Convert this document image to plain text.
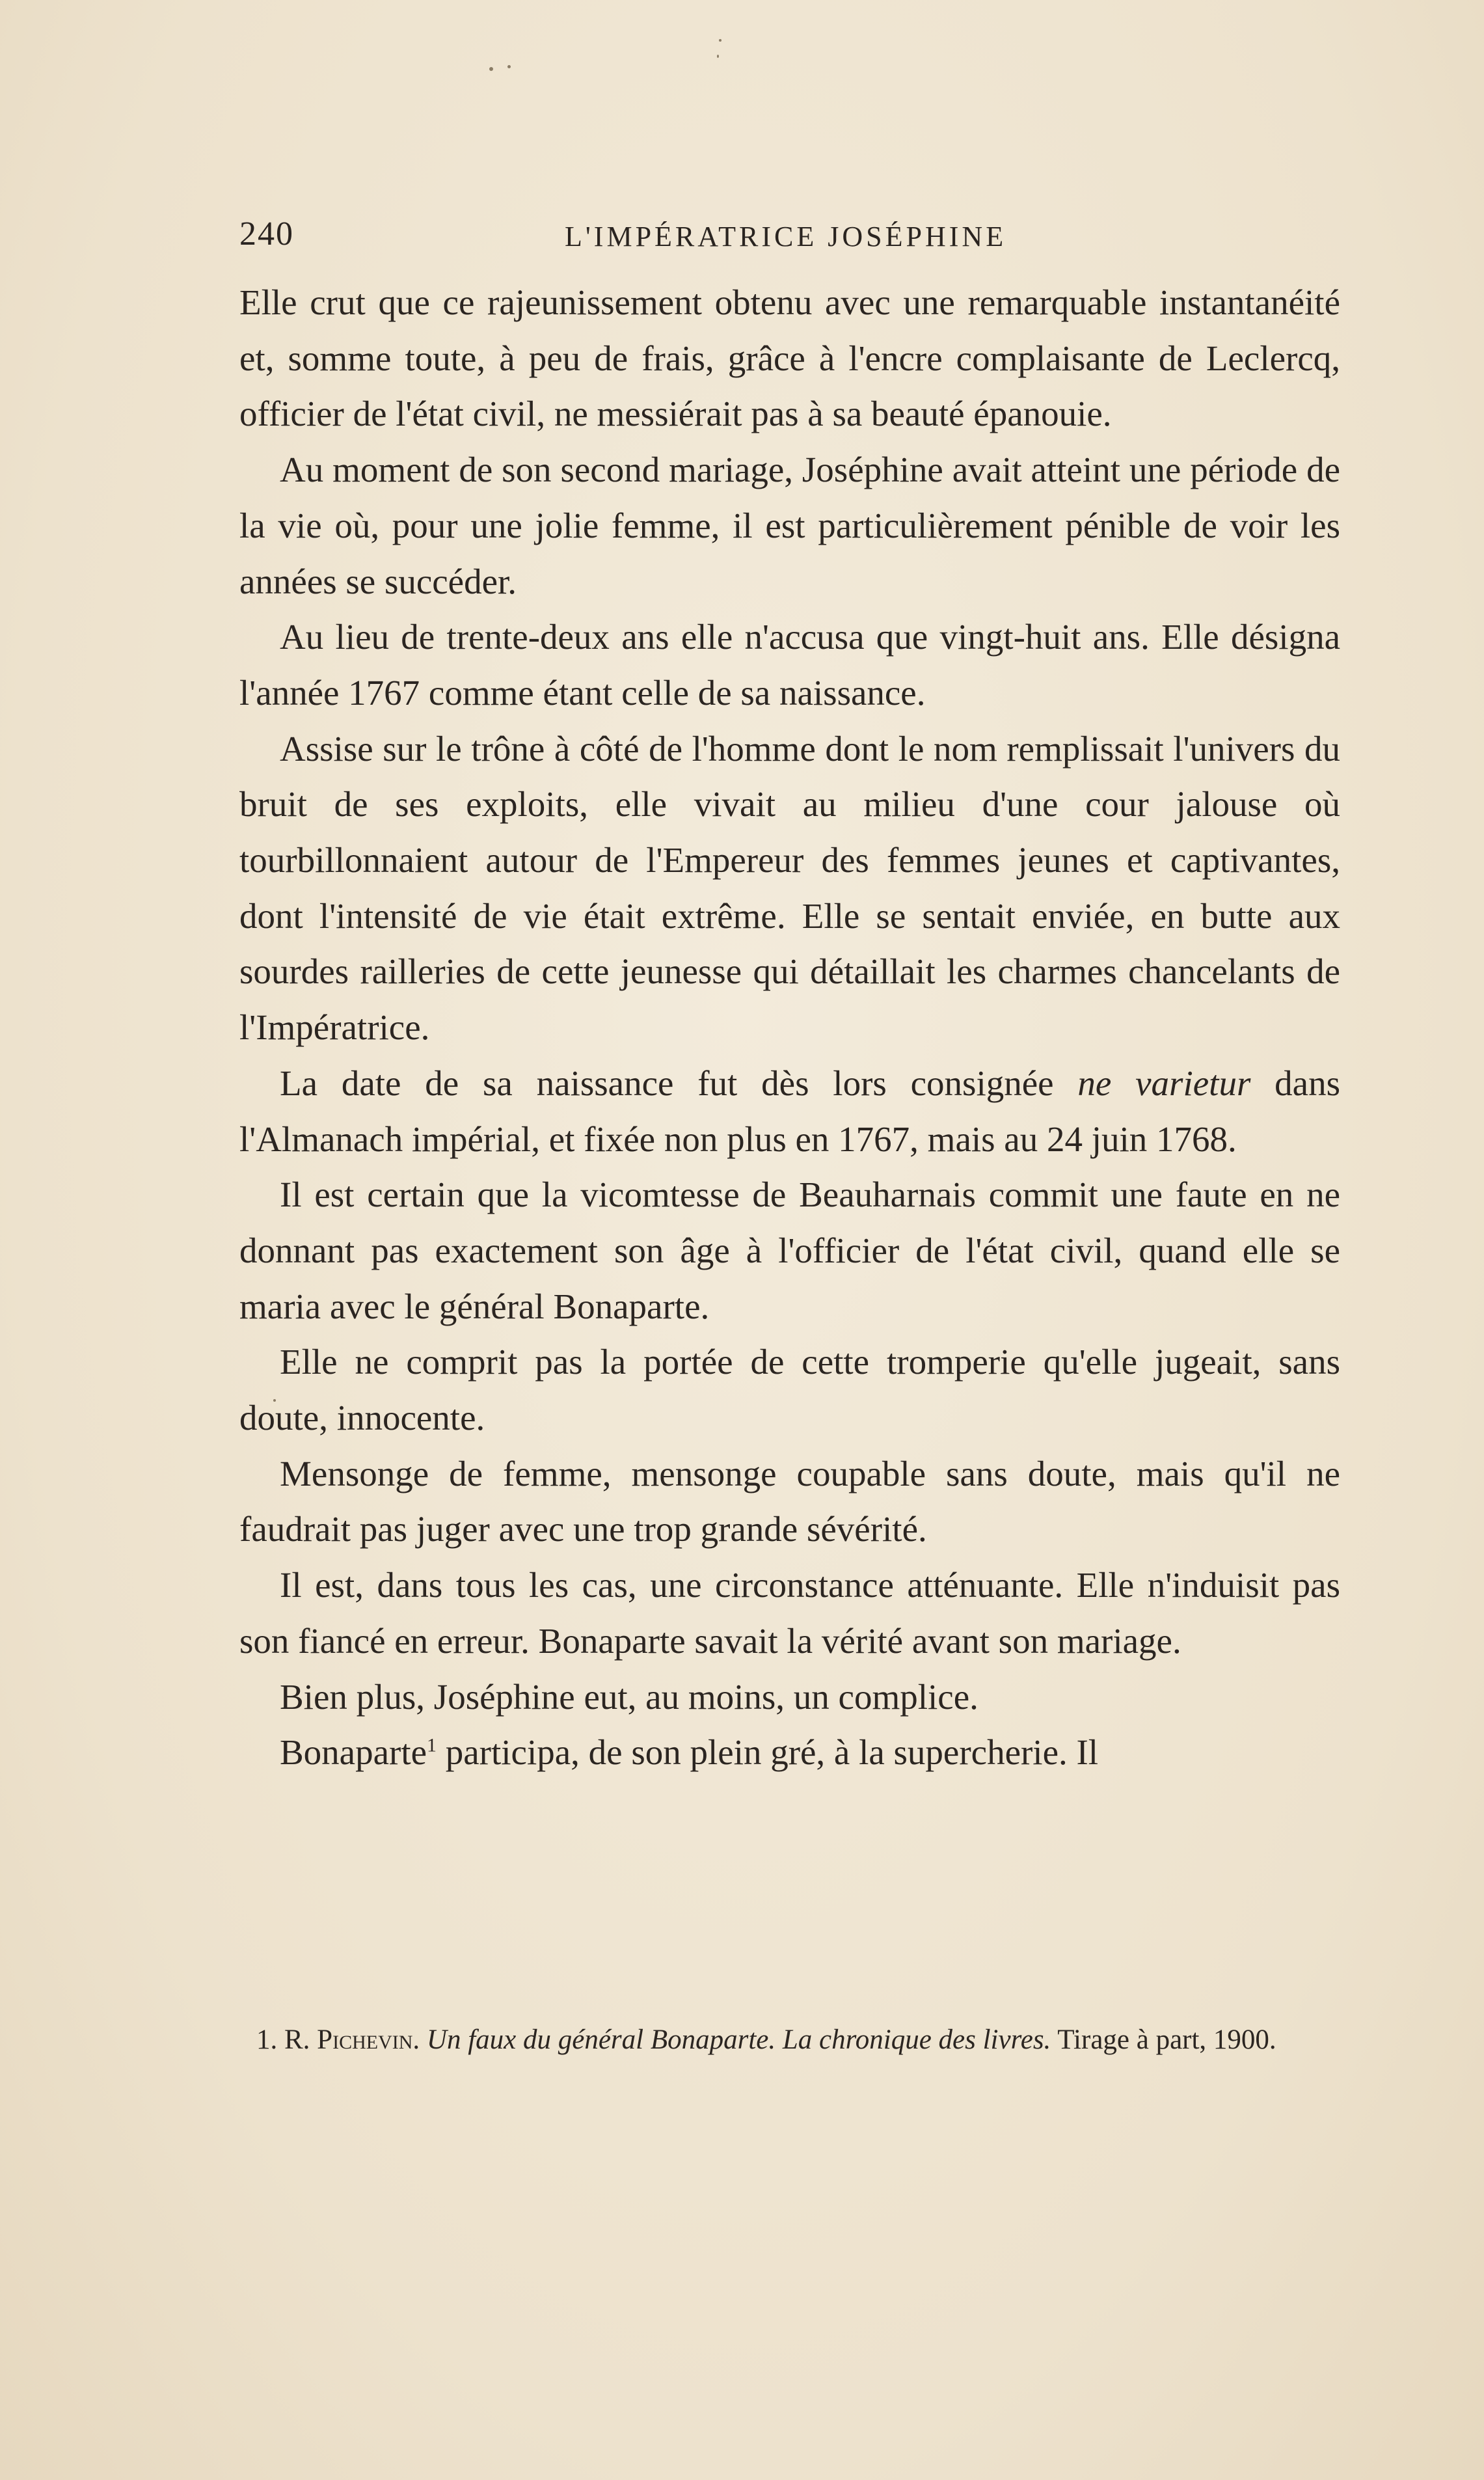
240	L'IMPÉRATRICE JOSÉPHINE

Elle crut que ce rajeunissement obtenu avec une remarquable instantanéité et, somme toute, à peu de frais, grâce à l'encre complaisante de Leclercq, officier de l'état civil, ne messiérait pas à sa beauté épanouie.

Au moment de son second mariage, Joséphine avait atteint une période de la vie où, pour une jolie femme, il est particulièrement pénible de voir les années se succéder.

Au lieu de trente-deux ans elle n'accusa que vingt-huit ans. Elle désigna l'année 1767 comme étant celle de sa naissance.

Assise sur le trône à côté de l'homme dont le nom remplissait l'univers du bruit de ses exploits, elle vivait au milieu d'une cour jalouse où tourbillonnaient autour de l'Empereur des femmes jeunes et captivantes, dont l'intensité de vie était extrême. Elle se sentait enviée, en butte aux sourdes railleries de cette jeunesse qui détaillait les charmes chancelants de l'Impératrice.

La date de sa naissance fut dès lors consignée ne varietur dans l'Almanach impérial, et fixée non plus en 1767, mais au 24 juin 1768.

Il est certain que la vicomtesse de Beauharnais commit une faute en ne donnant pas exactement son âge à l'officier de l'état civil, quand elle se maria avec le général Bonaparte.

Elle ne comprit pas la portée de cette tromperie qu'elle jugeait, sans doute, innocente.

Mensonge de femme, mensonge coupable sans doute, mais qu'il ne faudrait pas juger avec une trop grande sévérité.

Il est, dans tous les cas, une circonstance atténuante. Elle n'induisit pas son fiancé en erreur. Bonaparte savait la vérité avant son mariage.

Bien plus, Joséphine eut, au moins, un complice.

Bonaparte$^1$ participa, de son plein gré, à la supercherie. Il

1. R. Pichevin. Un faux du général Bonaparte. La chronique des livres. Tirage à part, 1900.
